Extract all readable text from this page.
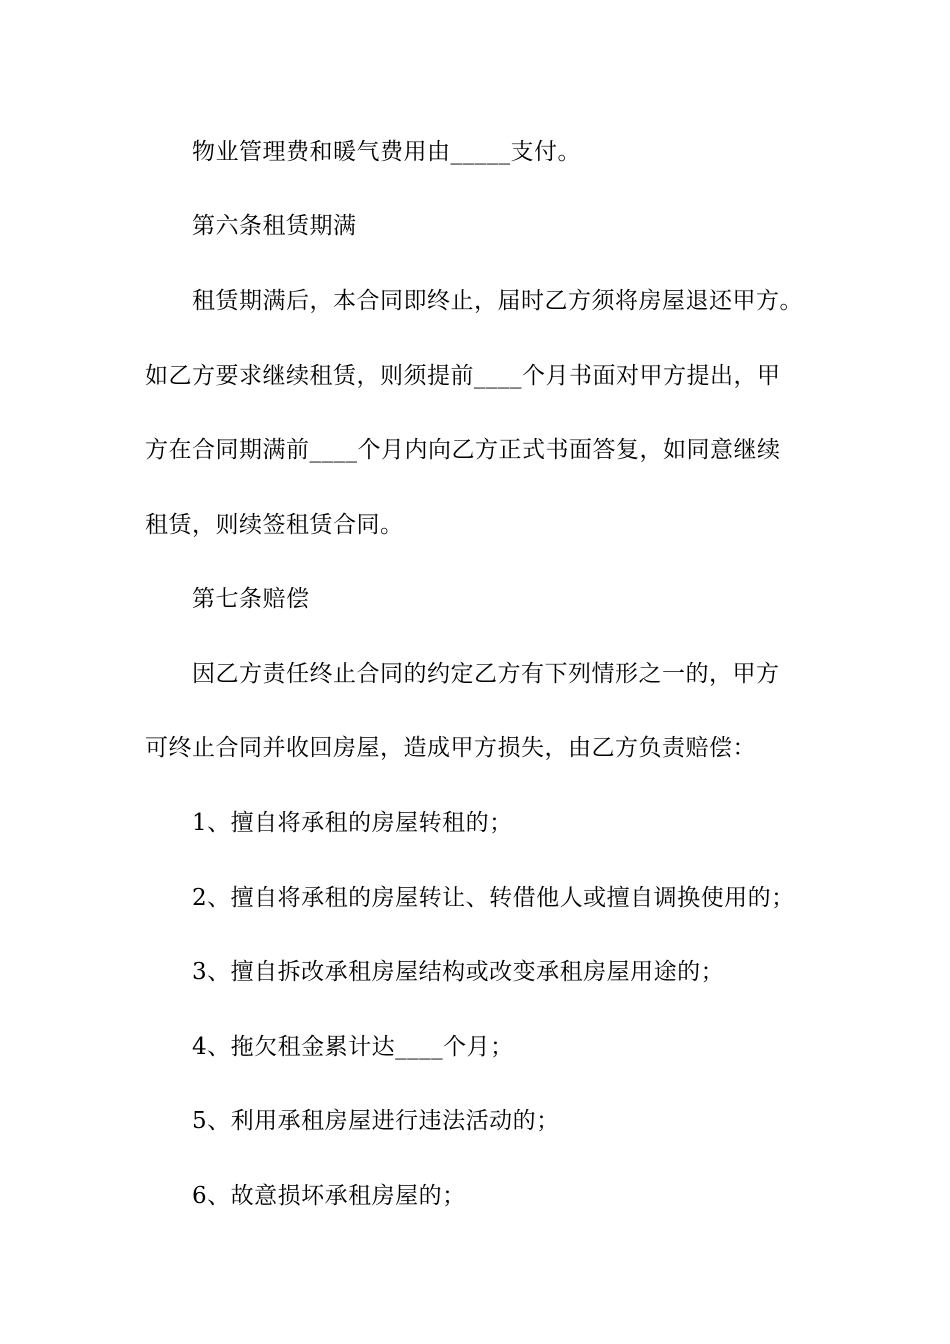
物业管理费和暖气费用由_____支付。
第六条租赁期满
租赁期满后，本合同即终止，届时乙方须将房屋退还甲方。
如乙方要求继续租赁，则须提前____个月书面对甲方提出，甲
方在合同期满前____个月内向乙方正式书面答复，如同意继续
租赁，则续签租赁合同。
第七条赔偿
因乙方责任终止合同的约定乙方有下列情形之一的，甲方
可终止合同并收回房屋，造成甲方损失，由乙方负责赔偿：
1、擅自将承租的房屋转租的；
2、擅自将承租的房屋转让、转借他人或擅自调换使用的；
3、擅自拆改承租房屋结构或改变承租房屋用途的；
4、拖欠租金累计达____个月；
5、利用承租房屋进行违法活动的；
6、故意损坏承租房屋的；
